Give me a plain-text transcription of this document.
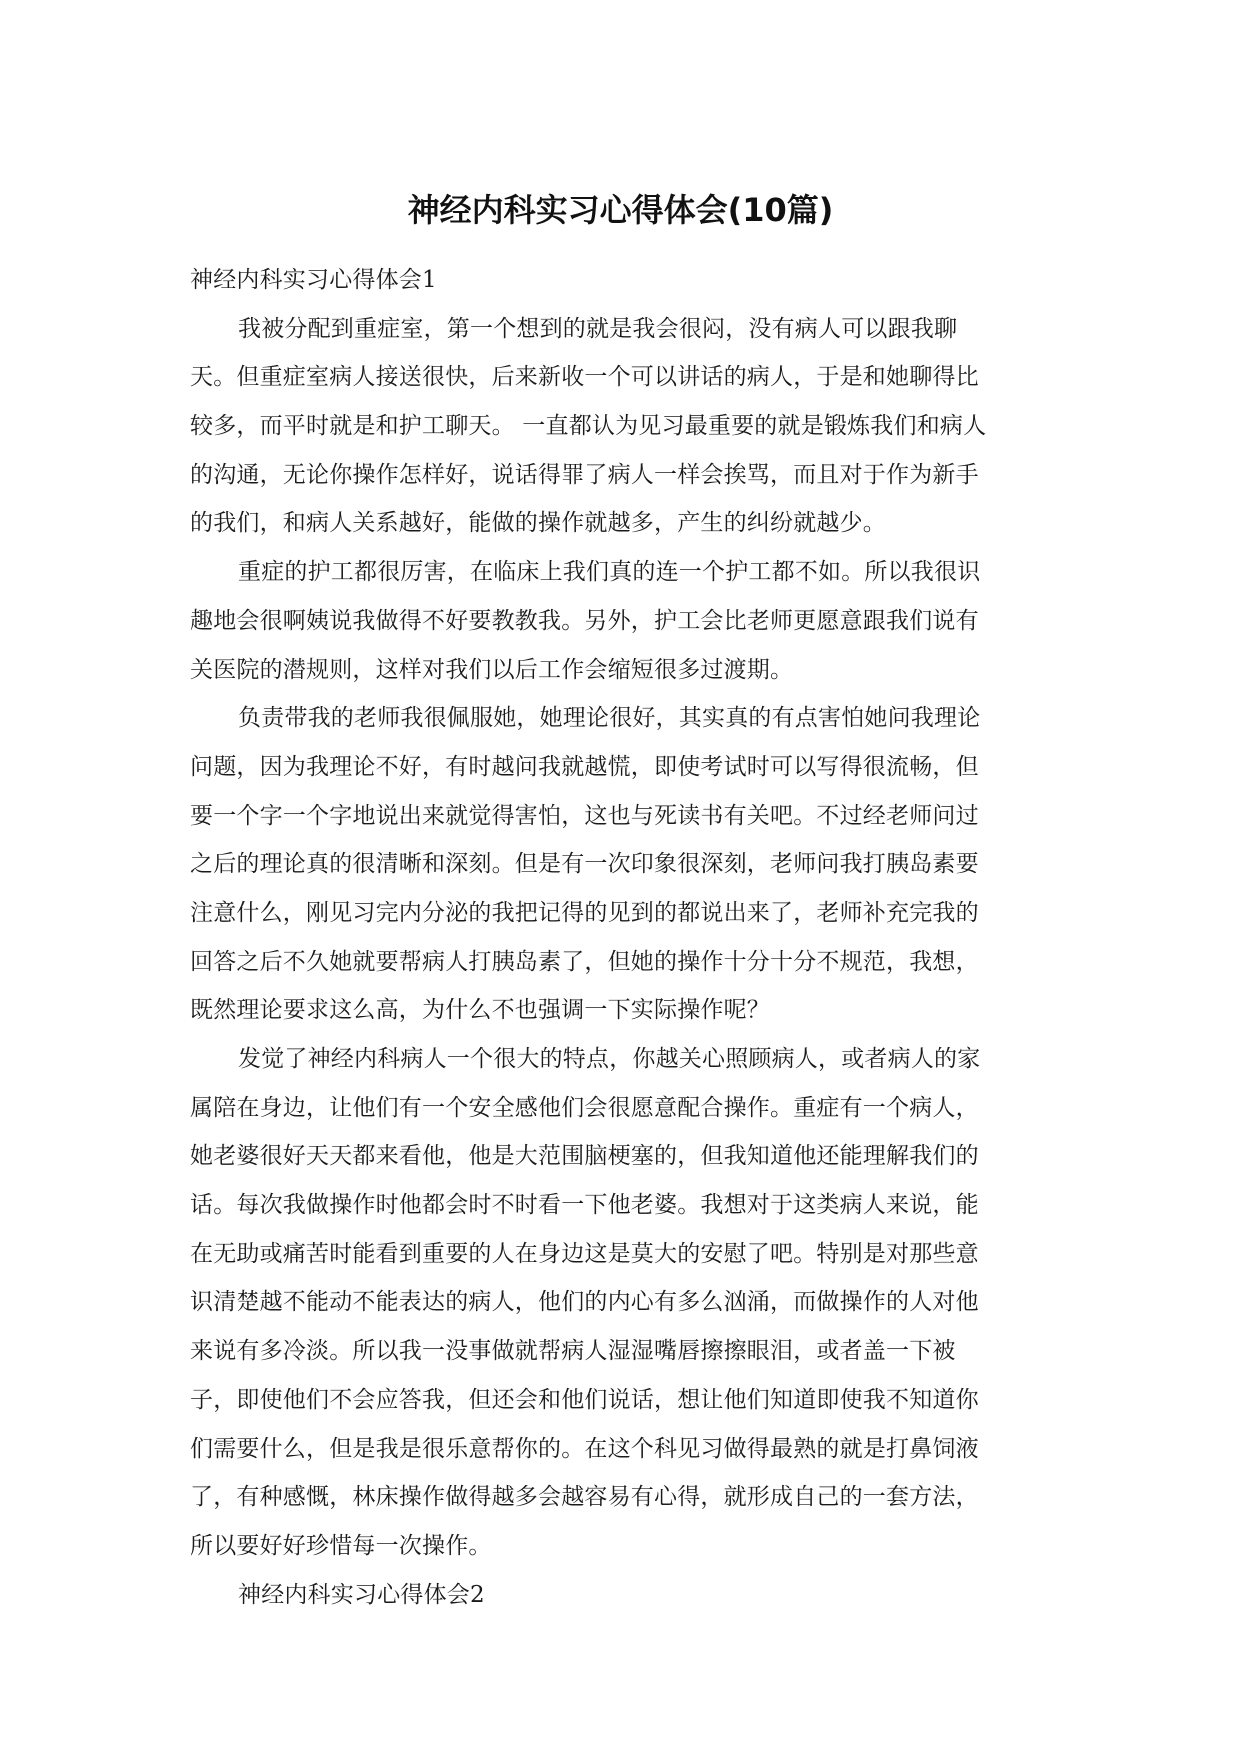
神经内科实习心得体会(10篇)
神经内科实习心得体会1
我被分配到重症室，第一个想到的就是我会很闷，没有病人可以跟我聊
天。但重症室病人接送很快，后来新收一个可以讲话的病人，于是和她聊得比
较多，而平时就是和护工聊天。 一直都认为见习最重要的就是锻炼我们和病人
的沟通，无论你操作怎样好，说话得罪了病人一样会挨骂，而且对于作为新手
的我们，和病人关系越好，能做的操作就越多，产生的纠纷就越少。
重症的护工都很厉害，在临床上我们真的连一个护工都不如。所以我很识
趣地会很啊姨说我做得不好要教教我。另外，护工会比老师更愿意跟我们说有
关医院的潜规则，这样对我们以后工作会缩短很多过渡期。
负责带我的老师我很佩服她，她理论很好，其实真的有点害怕她问我理论
问题，因为我理论不好，有时越问我就越慌，即使考试时可以写得很流畅，但
要一个字一个字地说出来就觉得害怕，这也与死读书有关吧。不过经老师问过
之后的理论真的很清晰和深刻。但是有一次印象很深刻，老师问我打胰岛素要
注意什么，刚见习完内分泌的我把记得的见到的都说出来了，老师补充完我的
回答之后不久她就要帮病人打胰岛素了，但她的操作十分十分不规范，我想，
既然理论要求这么高，为什么不也强调一下实际操作呢？
发觉了神经内科病人一个很大的特点，你越关心照顾病人，或者病人的家
属陪在身边，让他们有一个安全感他们会很愿意配合操作。重症有一个病人，
她老婆很好天天都来看他，他是大范围脑梗塞的，但我知道他还能理解我们的
话。每次我做操作时他都会时不时看一下他老婆。我想对于这类病人来说，能
在无助或痛苦时能看到重要的人在身边这是莫大的安慰了吧。特别是对那些意
识清楚越不能动不能表达的病人，他们的内心有多么汹涌，而做操作的人对他
来说有多冷淡。所以我一没事做就帮病人湿湿嘴唇擦擦眼泪，或者盖一下被
子，即使他们不会应答我，但还会和他们说话，想让他们知道即使我不知道你
们需要什么，但是我是很乐意帮你的。在这个科见习做得最熟的就是打鼻饲液
了，有种感慨，林床操作做得越多会越容易有心得，就形成自己的一套方法，
所以要好好珍惜每一次操作。
神经内科实习心得体会2
